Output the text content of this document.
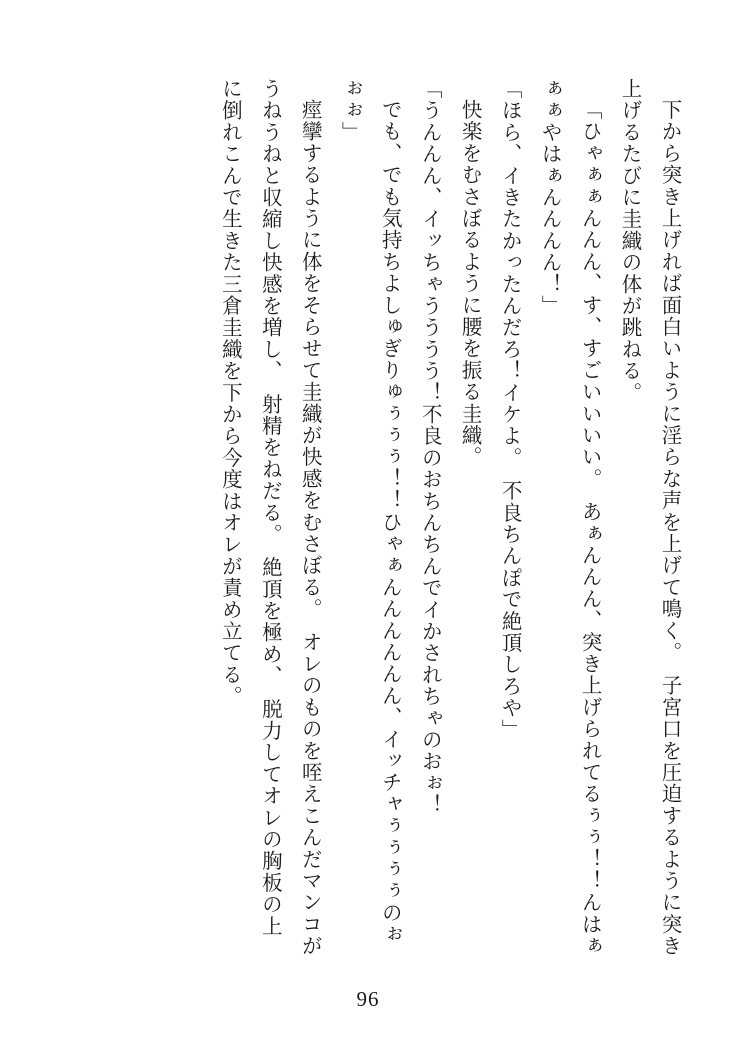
下から突き上げれば面白いように淫らな声を上げて鳴く。　子宮口を圧迫するように突き上げるたびに圭織の体が跳ねる。

「ひゃぁぁんんん、す、すごいいいい。　あぁんんん、突き上げられてるぅぅ！！んはぁぁぁやはぁんんんん！」

「ほら、イきたかったんだろ！イケよ。　不良ちんぽで絶頂しろや」

快楽をむさぼるように腰を振る圭織。

「うんんん、イッちゃうううう！不良のおちんちんでイかされちゃのおぉ！

でも、でも気持ちよしゅぎりゅぅぅぅ！！ひゃぁんんんんんん、イッチャぅぅぅぅのぉぉぉ」

痙攣するように体をそらせて圭織が快感をむさぼる。　オレのものを咥えこんだマンコがうねうねと収縮し快感を増し、　射精をねだる。　絶頂を極め、　脱力してオレの胸板の上に倒れこんで生きた三倉圭織を下から今度はオレが責め立てる。

96
